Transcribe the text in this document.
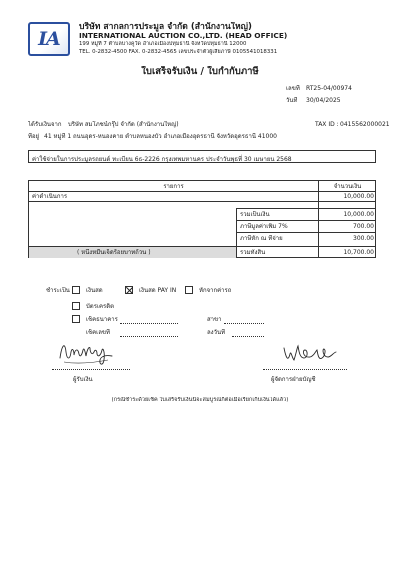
IA
บริษัท สากลการประมูล จำกัด (สำนักงานใหญ่)
INTERNATIONAL AUCTION CO.,LTD. (HEAD OFFICE)
199 หมู่ที่ 7 ตำบลบางคูวัด อำเภอเมืองปทุมธานี จังหวัดปทุมธานี 12000
TEL. 0-2832-4500 FAX. 0-2832-4565 เลขประจำตัวผู้เสียภาษี 0105541018331
ใบเสร็จรับเงิน / ใบกำกับภาษี
เลขที่ RT25-04/00974
วันที่ 30/04/2025
ได้รับเงินจาก บริษัท สมโภชน์กรุ๊ป จำกัด (สำนักงานใหญ่)	TAX ID : 0415562000021
ที่อยู่ 41 หมู่ที่ 1 ถนนอุดร-หนองคาย ตำบลหนองบัว อำเภอเมืองอุดรธานี จังหวัดอุดรธานี 41000
ค่าใช้จ่ายในการประมูลรถยนต์ ทะเบียน 6ธ-2226 กรุงเทพมหานคร ประจำวันพุธที่ 30 เมษายน 2568
รายการ	จำนวนเงิน
ค่าดำเนินการ	10,000.00
รวมเป็นเงิน	10,000.00
ภาษีมูลค่าเพิ่ม 7%	700.00
ภาษีหัก ณ ที่จ่าย	300.00
( หนึ่งหมื่นเจ็ดร้อยบาทถ้วน )	รวมทั้งสิ้น	10,700.00
ชำระเป็น	เงินสด	เงินสด PAY IN	หักจากค่ารถ
บัตรเครดิต
เช็คธนาคาร	สาขา
เช็คเลขที่	ลงวันที่
ผู้รับเงิน	ผู้จัดการฝ่ายบัญชี
(กรณีชำระด้วยเช็ค ใบเสร็จรับเงินนี้จะสมบูรณ์ก็ต่อเมื่อเรียกเก็บเงินได้แล้ว)
